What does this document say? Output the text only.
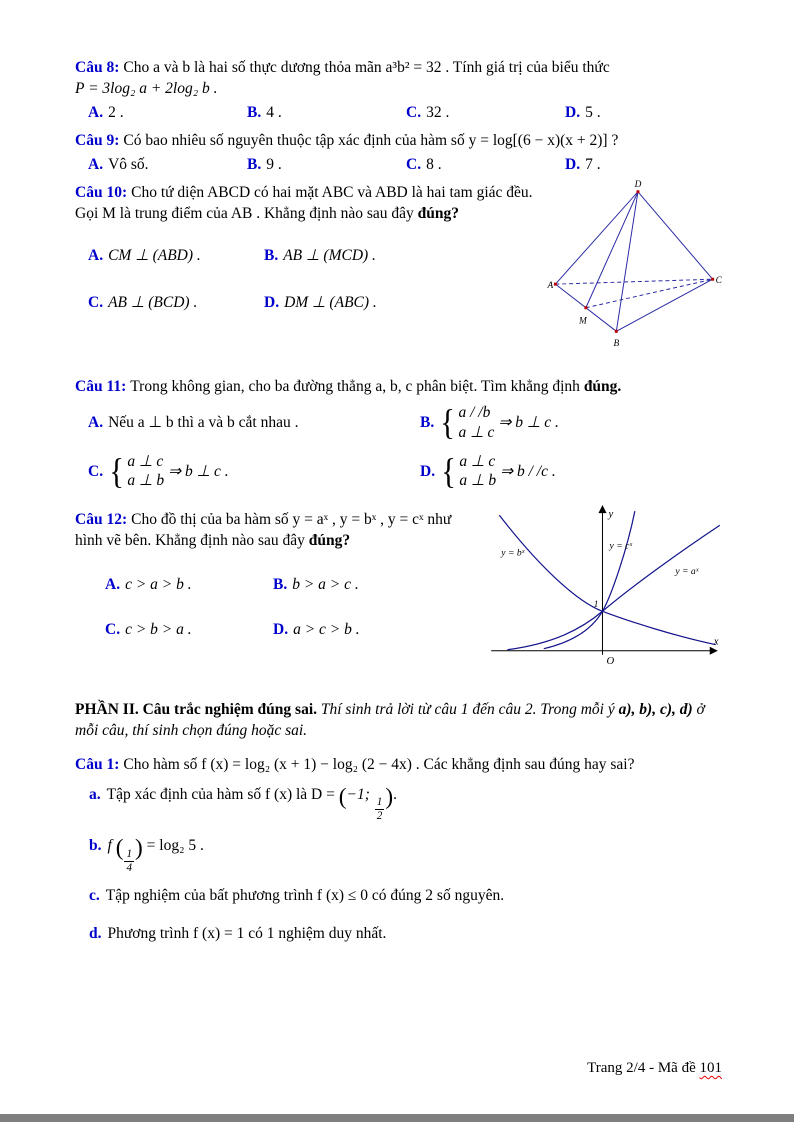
Câu 8: Cho a và b là hai số thực dương thỏa mãn a³b² = 32 . Tính giá trị của biểu thức

P = 3log₂ a + 2log₂ b .

A. 2 .	B. 4 .	C. 32 .	D. 5 .

Câu 9: Có bao nhiêu số nguyên thuộc tập xác định của hàm số y = log[(6 − x)(x + 2)] ?

A. Vô số.	B. 9 .	C. 8 .	D. 7 .
D
A	C
B
M

Câu 10: Cho tứ diện ABCD có hai mặt ABC và ABD là hai tam giác đều. Gọi M là trung điểm của AB . Khẳng định nào sau đây đúng?

A. CM ⊥ (ABD) .	B. AB ⊥ (MCD) .
C. AB ⊥ (BCD) .	D. DM ⊥ (ABC) .

Câu 11: Trong không gian, cho ba đường thẳng a, b, c phân biệt. Tìm khẳng định đúng.

A. Nếu a ⊥ b thì a và b cắt nhau .	B. { a / /b
a ⊥ c
⇒ b ⊥ c .
C. { a ⊥ c
a ⊥ b
⇒ b ⊥ c .	D. { a ⊥ c
a ⊥ b
⇒ b / /c .
y
x
O
1
y = bˣ
y = cˣ
y = aˣ

Câu 12: Cho đồ thị của ba hàm số y = aˣ , y = bˣ , y = cˣ như hình vẽ bên. Khẳng định nào sau đây đúng?

A. c > a > b .	B. b > a > c .
C. c > b > a .	D. a > c > b .

PHẦN II. Câu trắc nghiệm đúng sai. Thí sinh trả lời từ câu 1 đến câu 2. Trong mỗi ý a), b), c), d) ở mỗi câu, thí sinh chọn đúng hoặc sai.

Câu 1: Cho hàm số f (x) = log₂ (x + 1) − log₂ (2 − 4x) . Các khẳng định sau đúng hay sai?

a. Tập xác định của hàm số f (x) là D = (−1;
$\frac{1}{2}$ ).

b. f ( $\frac{1}{4}$ ) = log₂ 5 .

c. Tập nghiệm của bất phương trình f (x) ≤ 0 có đúng 2 số nguyên.

d. Phương trình f (x) = 1 có 1 nghiệm duy nhất.

Trang 2/4 - Mã đề 101
